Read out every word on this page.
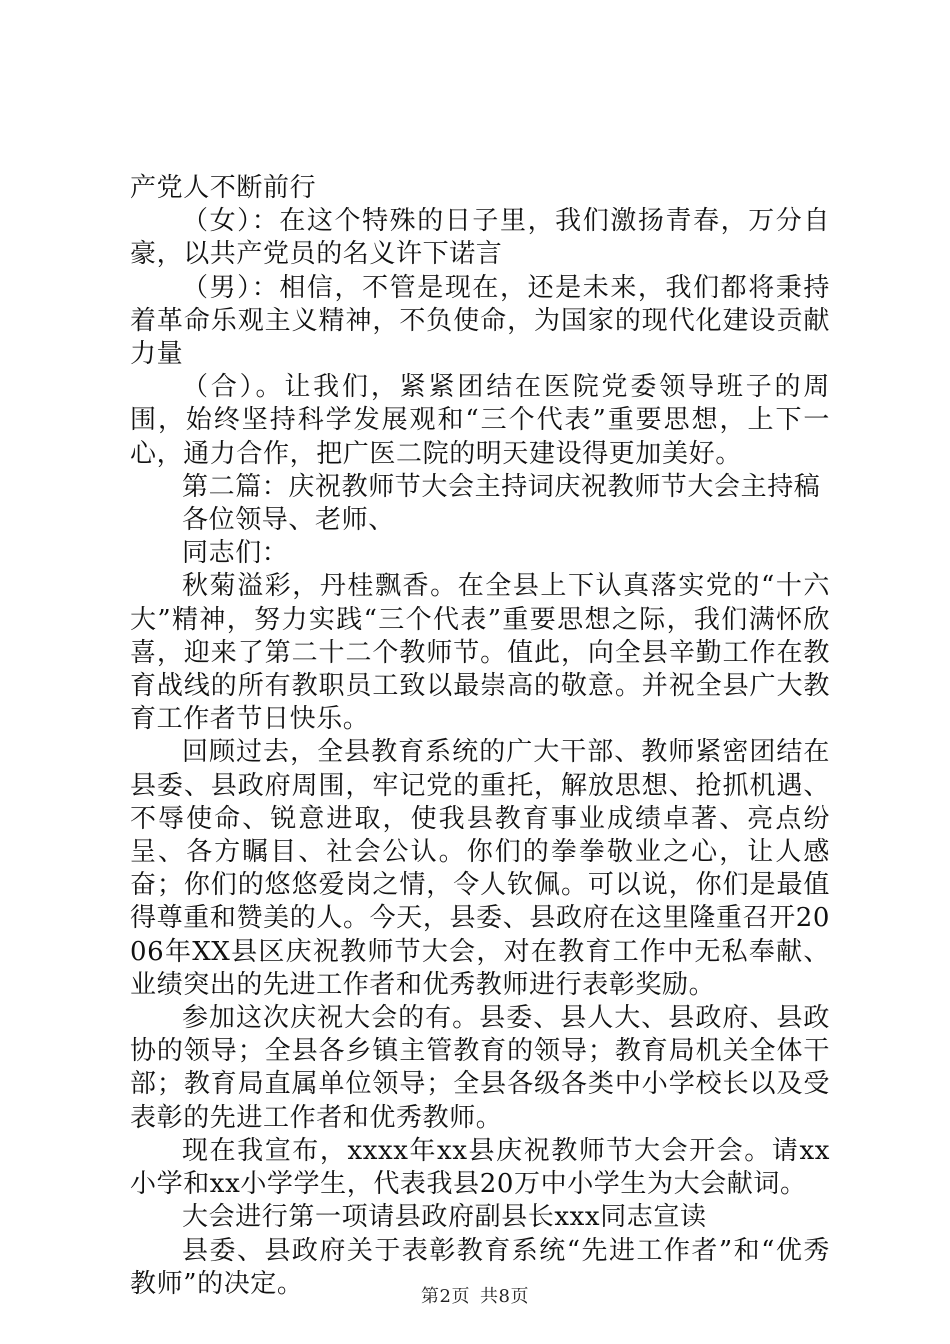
产党人不断前行

（女）：在这个特殊的日子里，我们激扬青春，万分自豪，以共产党员的名义许下诺言

（男）：相信，不管是现在，还是未来，我们都将秉持着革命乐观主义精神，不负使命，为国家的现代化建设贡献力量

（合）。让我们，紧紧团结在医院党委领导班子的周围，始终坚持科学发展观和“三个代表”重要思想，上下一心，通力合作，把广医二院的明天建设得更加美好。

第二篇：庆祝教师节大会主持词庆祝教师节大会主持稿

各位领导、老师、

同志们：

秋菊溢彩，丹桂飘香。在全县上下认真落实党的“十六大”精神，努力实践“三个代表”重要思想之际，我们满怀欣喜，迎来了第二十二个教师节。值此，向全县辛勤工作在教育战线的所有教职员工致以最崇高的敬意。并祝全县广大教育工作者节日快乐。

回顾过去，全县教育系统的广大干部、教师紧密团结在县委、县政府周围，牢记党的重托，解放思想、抢抓机遇、不辱使命、锐意进取，使我县教育事业成绩卓著、亮点纷呈、各方瞩目、社会公认。你们的拳拳敬业之心，让人感奋；你们的悠悠爱岗之情，令人钦佩。可以说，你们是最值得尊重和赞美的人。今天，县委、县政府在这里隆重召开2006年XX县区庆祝教师节大会，对在教育工作中无私奉献、业绩突出的先进工作者和优秀教师进行表彰奖励。

参加这次庆祝大会的有。县委、县人大、县政府、县政协的领导；全县各乡镇主管教育的领导；教育局机关全体干部；教育局直属单位领导；全县各级各类中小学校长以及受表彰的先进工作者和优秀教师。

现在我宣布，xxxx年xx县庆祝教师节大会开会。请xx小学和xx小学学生，代表我县20万中小学生为大会献词。

大会进行第一项请县政府副县长xxx同志宣读

县委、县政府关于表彰教育系统“先进工作者”和“优秀教师”的决定。	第2页 共8页
